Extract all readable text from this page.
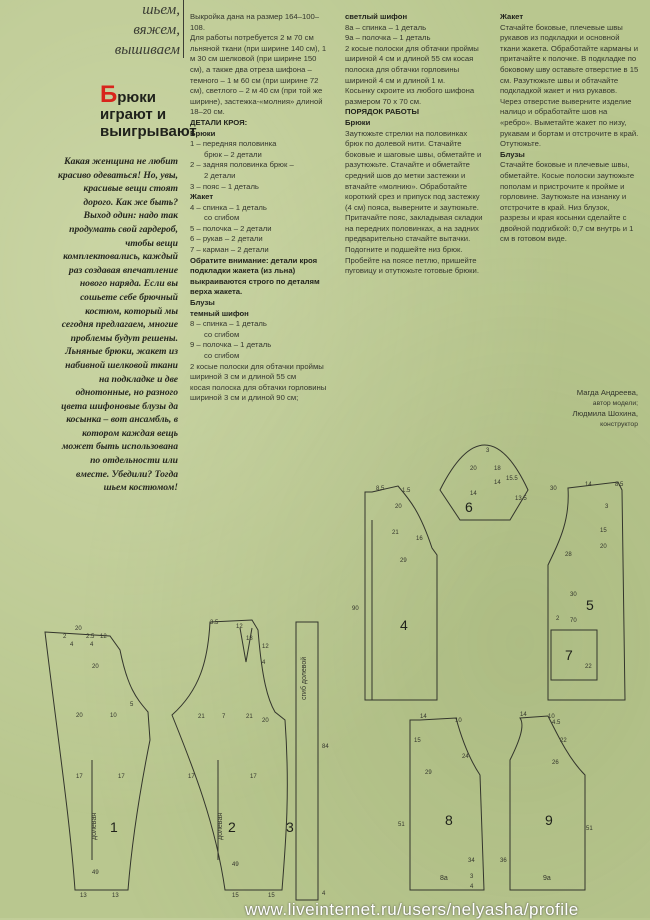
шьем,
вяжем,
вышиваем
Брюки
играют и
выигрывают
Какая женщина не любит красиво одеваться! Но, увы, красивые вещи стоят дорого. Как же быть? Выход один: надо так продумать свой гардероб, чтобы вещи комплектовались, каждый раз создавая впечатление нового наряда. Если вы сошьете себе брючный костюм, который мы сегодня предлагаем, многие проблемы будут решены. Льняные брюки, жакет из набивной шелковой ткани на подкладке и две однотонные, но разного цвета шифоновые блузы да косынка – вот ансамбль, в котором каждая вещь может быть использована по отдельности или вместе. Убедили? Тогда шьем костюмом!

Выкройка дана на размер 164–100–108.

Для работы потребуется 2 м 70 см льняной ткани (при ширине 140 см), 1 м 30 см шелковой (при ширине 150 см), а также два отреза шифона – темного – 1 м 60 см (при ширине 72 см), светлого – 2 м 40 см (при той же ширине), застежка-«молния» длиной 18–20 см.

ДЕТАЛИ КРОЯ:

Брюки

1 – передняя половинка

брюк – 2 детали

2 – задняя половинка брюк –

2 детали

3 – пояс – 1 деталь

Жакет

4 – спинка – 1 деталь

со сгибом

5 – полочка – 2 детали

6 – рукав – 2 детали

7 – карман – 2 детали

Обратите внимание: детали кроя подкладки жакета (из льна) выкраиваются строго по деталям верха жакета.

Блузы

темный шифон

8 – спинка – 1 деталь

со сгибом

9 – полочка – 1 деталь

со сгибом

2 косые полоски для обтачки проймы шириной 3 см и длиной 55 см

косая полоска для обтачки горловины шириной 3 см и длиной 90 см;

светлый шифон

8а – спинка – 1 деталь

9а – полочка – 1 деталь

2 косые полоски для обтачки проймы шириной 4 см и длиной 55 см косая полоска для обтачки горловины шириной 4 см и длиной 1 м.

Косынку скроите из любого шифона размером 70 х 70 см.

ПОРЯДОК РАБОТЫ

Брюки

Заутюжьте стрелки на половинках брюк по долевой нити. Стачайте боковые и шаговые швы, обметайте и разутюжьте. Стачайте и обметайте средний шов до метки застежки и втачайте «молнию». Обработайте короткий срез и припуск под застежку (4 см) пояса, выверните и заутюжьте. Притачайте пояс, закладывая складки на передних половинках, а на задних предварительно стачайте вытачки. Подогните и подшейте низ брюк. Пробейте на поясе петлю, пришейте пуговицу и отутюжьте готовые брюки.

Жакет

Стачайте боковые, плечевые швы рукавов из подкладки и основной ткани жакета. Обработайте карманы и притачайте к полочке. В подкладке по боковому шву оставьте отверстие в 15 см. Разутюжьте швы и обтачайте подкладкой жакет и низ рукавов. Через отверстие выверните изделие налицо и обработайте шов на «ребро». Выметайте жакет по низу, рукавам и бортам и отстрочите в край. Отутюжьте.

Блузы

Стачайте боковые и плечевые швы, обметайте. Косые полоски заутюжьте пополам и пристрочите к пройме и горловине. Заутюжьте на изнанку и отстрочите в край. Низ блузок, разрезы и края косынки сделайте с двойной подгибкой: 0,7 см внутрь и 1 см в готовом виде.

Магда Андреева,
автор модели;
Людмила Шохина,
конструктор
1	2	3
4
5
6
7
8	9
8а	9а
долевая	долевая
сгиб долевой
20
2	2.5 12
4	4
20
20	10
5
17	17
49
13	13
3.5
12
18
12
4
21	7	21
20
17	17
49
15	15
84
4
8.5	1.5
20
21
16
29
90
30
14	8.5
3
15
20
28
30
2 70
22
3
18
14
13.5
14
15.5
20
14
10
15
24
29
51
34
3
4
14	10
4.5
22
26
51
36
www.liveinternet.ru/users/nelyasha/profile
